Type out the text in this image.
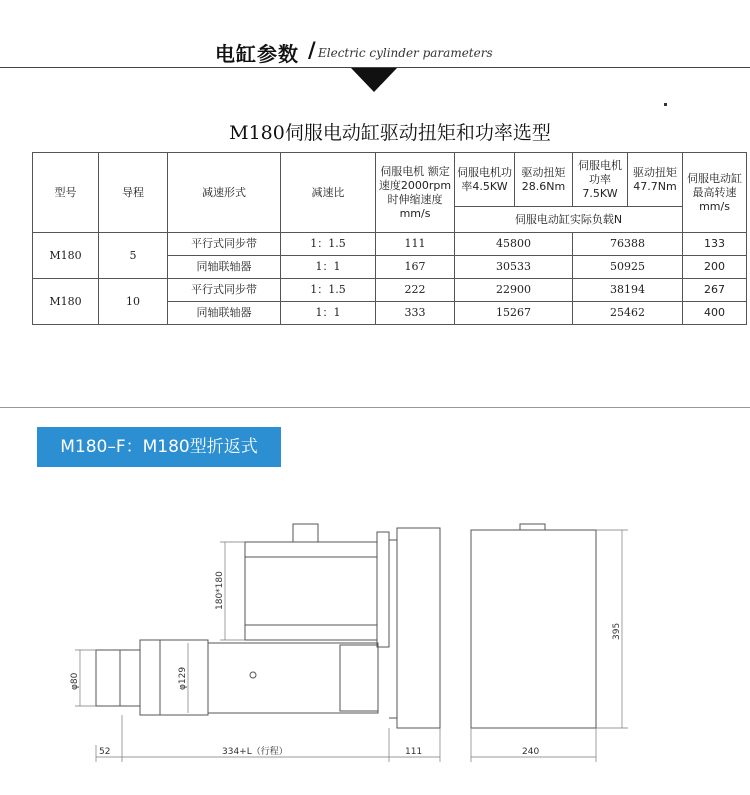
电缸参数 / Electric cylinder parameters
M180伺服电动缸驱动扭矩和功率选型
型号	导程	减速形式	减速比	伺服电机 额定速度2000rpm时伸缩速度mm/s	伺服电机功率4.5KW	驱动扭矩28.6Nm	伺服电机功率7.5KW	驱动扭矩47.7Nm	伺服电动缸最高转速mm/s
					伺服电动缸实际负载N				
M180	5	平行式同步带	1：1.5	111	45800		76388		133
		同轴联轴器	1：1	167	30533		50925		200
M180	10	平行式同步带	1：1.5	222	22900		38194		267
		同轴联轴器	1：1	333	15267		25462		400
M180–F：M180型折返式
180*180
φ80	φ129
395
52	334+L（行程）	111	240
